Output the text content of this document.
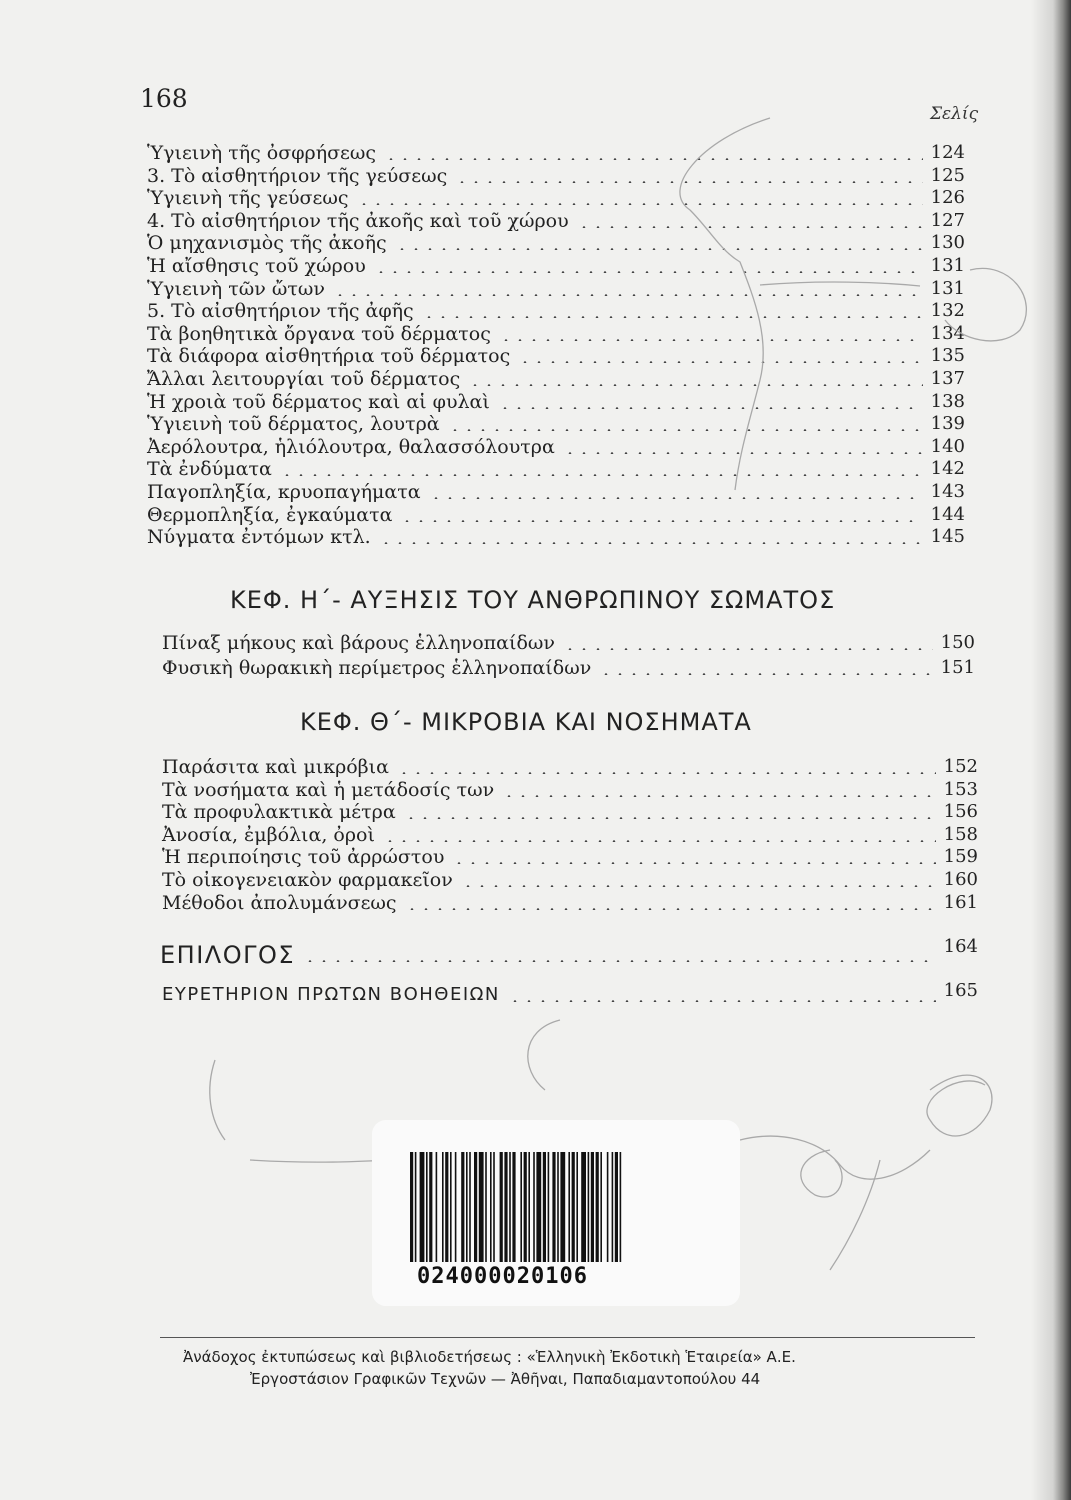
168
Σελίς
Ὑγιεινὴ τῆς ὀσφρήσεως	124
3. Τὸ αἰσθητήριον τῆς γεύσεως	125
Ὑγιεινὴ τῆς γεύσεως	126
4. Τὸ αἰσθητήριον τῆς ἀκοῆς καὶ τοῦ χώρου	127
Ὁ μηχανισμὸς τῆς ἀκοῆς	130
Ἡ αἴσθησις τοῦ χώρου	131
Ὑγιεινὴ τῶν ὤτων	131
5. Τὸ αἰσθητήριον τῆς ἀφῆς	132
Τὰ βοηθητικὰ ὄργανα τοῦ δέρματος	134
Τὰ διάφορα αἰσθητήρια τοῦ δέρματος	135
Ἄλλαι λειτουργίαι τοῦ δέρματος	137
Ἡ χροιὰ τοῦ δέρματος καὶ αἱ φυλαὶ	138
Ὑγιεινὴ τοῦ δέρματος, λουτρὰ	139
Ἀερόλουτρα, ἡλιόλουτρα, θαλασσόλουτρα	140
Τὰ ἐνδύματα	142
Παγοπληξία, κρυοπαγήματα	143
Θερμοπληξία, ἐγκαύματα	144
Νύγματα ἐντόμων κτλ.	145
ΚΕΦ. Η΄- ΑΥΞΗΣΙΣ ΤΟΥ ΑΝΘΡΩΠΙΝΟΥ ΣΩΜΑΤΟΣ
Πίναξ μήκους καὶ βάρους ἑλληνοπαίδων	150
Φυσικὴ θωρακικὴ περίμετρος ἑλληνοπαίδων	151
ΚΕΦ. Θ΄- ΜΙΚΡΟΒΙΑ ΚΑΙ ΝΟΣΗΜΑΤΑ
Παράσιτα καὶ μικρόβια	152
Τὰ νοσήματα καὶ ἡ μετάδοσίς των	153
Τὰ προφυλακτικὰ μέτρα	156
Ἀνοσία, ἐμβόλια, ὀροὶ	158
Ἡ περιποίησις τοῦ ἀρρώστου	159
Τὸ οἰκογενειακὸν φαρμακεῖον	160
Μέθοδοι ἀπολυμάνσεως	161
ΕΠΙΛΟΓΟΣ	164
ΕΥΡΕΤΗΡΙΟΝ ΠΡΩΤΩΝ ΒΟΗΘΕΙΩΝ	165
024000020106
Ἀνάδοχος ἐκτυπώσεως καὶ βιβλιοδετήσεως : «Ἑλληνικὴ Ἐκδοτικὴ Ἑταιρεία» Α.Ε.
Ἐργοστάσιον Γραφικῶν Τεχνῶν — Ἀθῆναι, Παπαδιαμαντοπούλου 44
